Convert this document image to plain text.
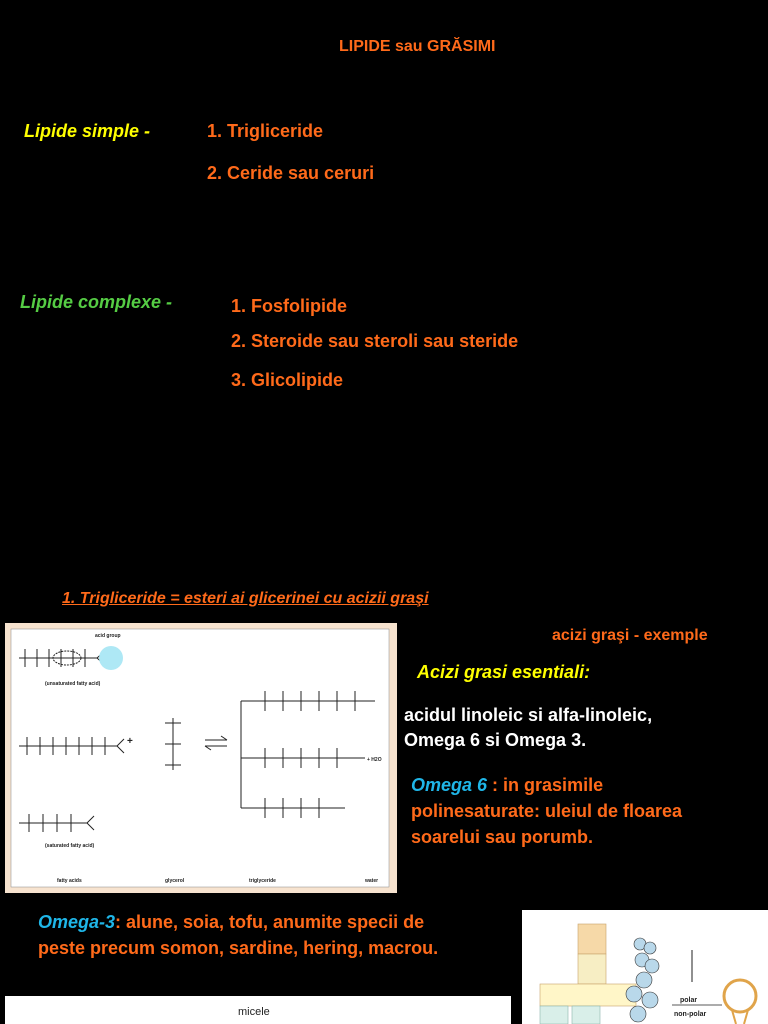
LIPIDE sau GRĂSIMI
Lipide simple -	1. Trigliceride
2. Ceride sau ceruri
Lipide complexe -	1. Fosfolipide
2. Steroide sau steroli sau steride
3. Glicolipide
1. Trigliceride = esteri ai glicerinei cu acizii graşi
+
acid group
(unsaturated fatty acid)
(saturated fatty acid)
+ H2O
fatty acids	glycerol	triglyceride	water
acizi graşi - exemple
Acizi grasi esentiali:
acidul linoleic si alfa-linoleic,
Omega 6 si Omega 3.
Omega 6 : in grasimile
polinesaturate: uleiul de floarea
soarelui sau porumb.
Omega-3: alune, soia, tofu, anumite specii de
peste precum somon, sardine, hering, macrou.
micele
polar
non-polar
